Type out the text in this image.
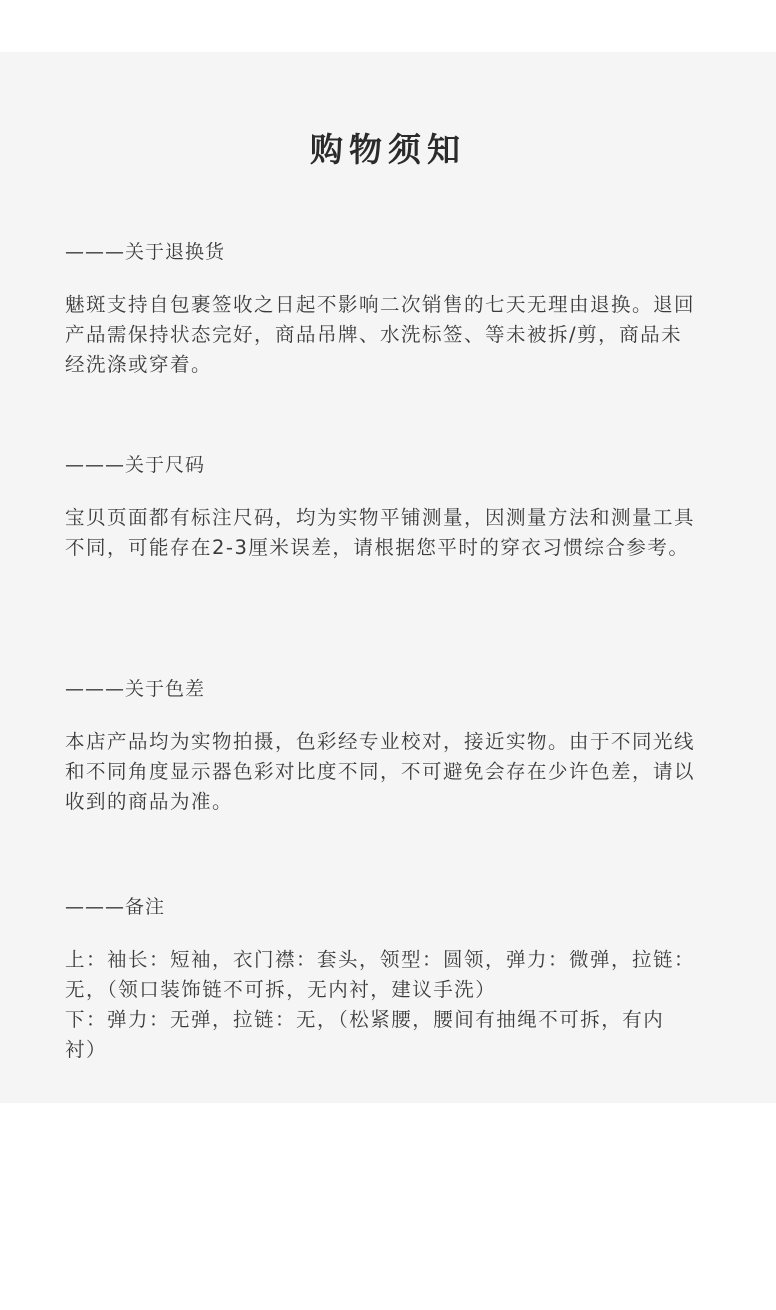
购物须知
———关于退换货

魅斑支持自包裹签收之日起不影响二次销售的七天无理由退换。退回产品需保持状态完好，商品吊牌、水洗标签、等未被拆/剪，商品未经洗涤或穿着。

———关于尺码

宝贝页面都有标注尺码，均为实物平铺测量，因测量方法和测量工具不同，可能存在2-3厘米误差，请根据您平时的穿衣习惯综合参考。

———关于色差

本店产品均为实物拍摄，色彩经专业校对，接近实物。由于不同光线和不同角度显示器色彩对比度不同，不可避免会存在少许色差，请以收到的商品为准。

———备注

上：袖长：短袖，衣门襟：套头，领型：圆领，弹力：微弹，拉链：无，（领口装饰链不可拆，无内衬，建议手洗）

下：弹力：无弹，拉链：无，（松紧腰，腰间有抽绳不可拆，有内衬）
